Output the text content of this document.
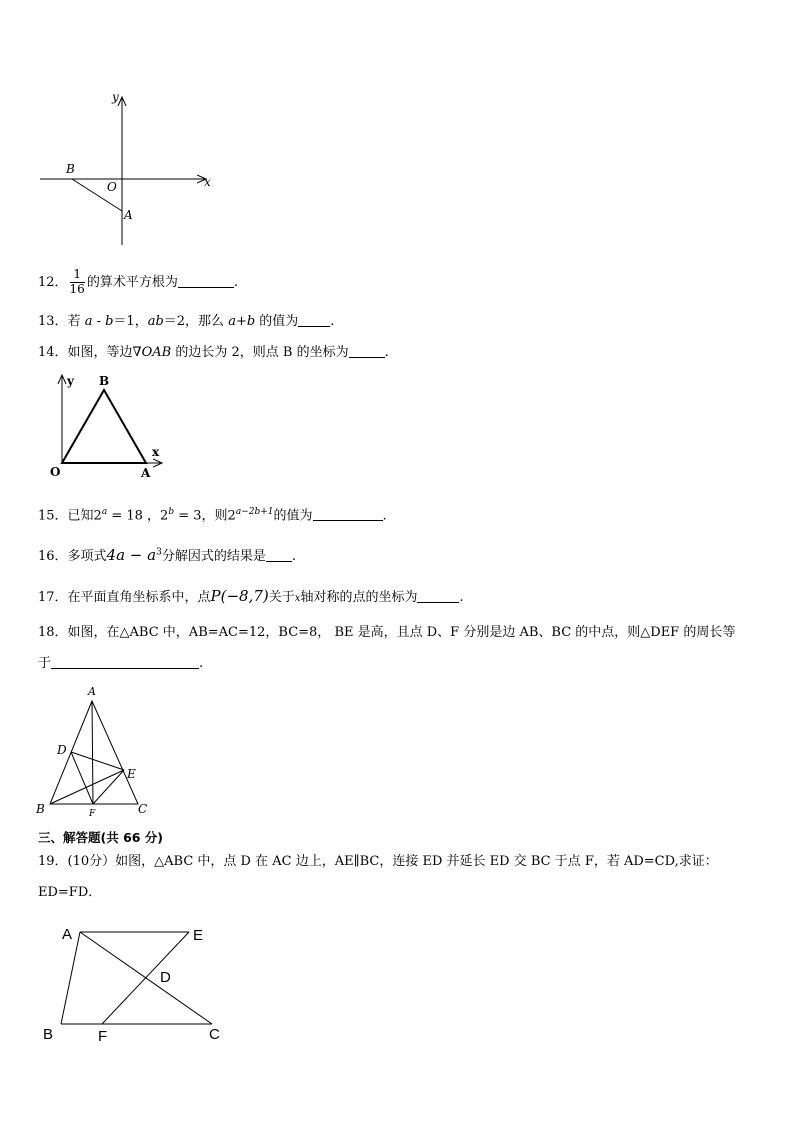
y
x
B
O
A
12． $\frac{1}{16}$ 的算术平方根为	.
13．若 a - b＝1，ab＝2，那么 a+b 的值为 .
14．如图，等边∇OAB 的边长为 2，则点 B 的坐标为	.
y B
x
O	A
15．已知$2^a = 18$ ，$2^b = 3$，则$2^{a-2b+1}$的值为	.
16．多项式$4a - a^3$分解因式的结果是 .
17．在平面直角坐标系中，点P(−8,7)关于x轴对称的点的坐标为	.
18．如图，在△ABC 中，AB=AC=12，BC=8， BE 是高，且点 D、F 分别是边 AB、BC 的中点，则△DEF 的周长等
于	.
A
D
E
B	F	C
三、解答题(共 66 分)
19．(10分）如图，△ABC 中，点 D 在 AC 边上，AE∥BC，连接 ED 并延长 ED 交 BC 于点 F，若 AD=CD,求证：
ED=FD．
A	E
D
B	F	C
